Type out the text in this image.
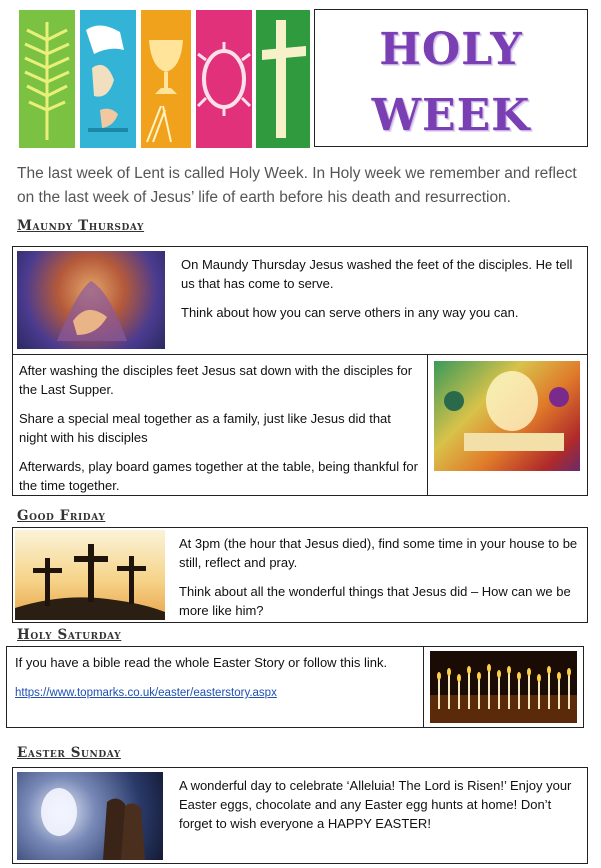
HOLY
WEEK
The last week of Lent is called Holy Week. In Holy week we remember and reflect on the last week of Jesus’ life of earth before his death and resurrection.
Maundy Thursday

On Maundy Thursday Jesus washed the feet of the disciples. He tell us that has come to serve.

Think about how you can serve others in any way you can.

After washing the disciples feet Jesus sat down with the disciples for the Last Supper.

Share a special meal together as a family, just like Jesus did that night with his disciples

Afterwards, play board games together at the table, being thankful for the time together.

Good Friday

At 3pm (the hour that Jesus died), find some time in your house to be still, reflect and pray.

Think about all the wonderful things that Jesus did – How can we be more like him?

Holy Saturday

If you have a bible read the whole Easter Story or follow this link.

https://www.topmarks.co.uk/easter/easterstory.aspx
Easter Sunday

A wonderful day to celebrate ‘Alleluia! The Lord is Risen!’ Enjoy your Easter eggs, chocolate and any Easter egg hunts at home! Don’t forget to wish everyone a HAPPY EASTER!
